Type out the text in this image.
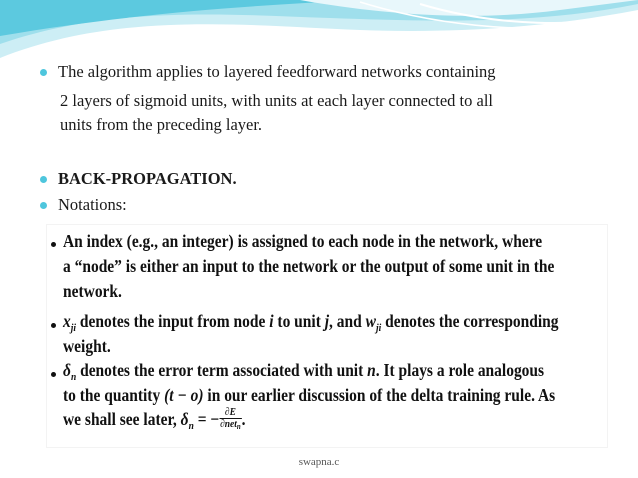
The algorithm applies to layered feedforward networks containing
2 layers of sigmoid units, with units at each layer connected to all
units from the preceding layer.
BACK-PROPAGATION.
Notations:
An index (e.g., an integer) is assigned to each node in the network, where
a “node” is either an input to the network or the output of some unit in the
network.
$x_{ji}$ denotes the input from node i to unit j, and $w_{ji}$ denotes the corresponding
weight.
$\delta_n$ denotes the error term associated with unit n. It plays a role analogous
to the quantity (t − o) in our earlier discussion of the delta training rule. As
we shall see later, $\delta_n$ = − $\frac{\partial E}{\text{∂netn}}$ .
swapna.c
